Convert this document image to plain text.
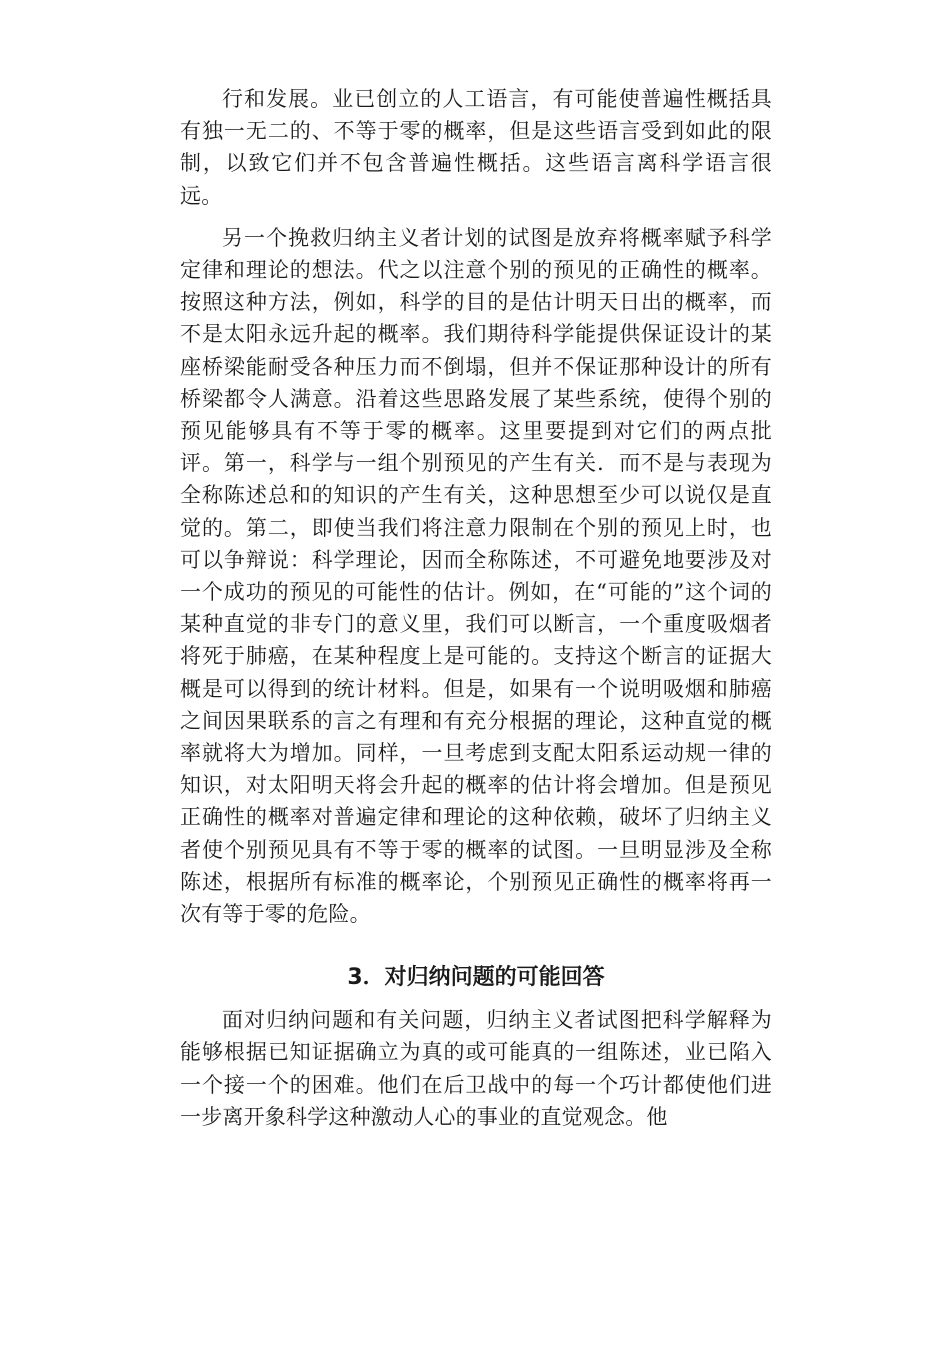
行和发展。业已创立的人工语言，有可能使普遍性概括具有独一无二的、不等于零的概率，但是这些语言受到如此的限制，以致它们并不包含普遍性概括。这些语言离科学语言很远。

另一个挽救归纳主义者计划的试图是放弃将概率赋予科学定律和理论的想法。代之以注意个别的预见的正确性的概率。按照这种方法，例如，科学的目的是估计明天日出的概率，而不是太阳永远升起的概率。我们期待科学能提供保证设计的某座桥梁能耐受各种压力而不倒塌，但并不保证那种设计的所有桥梁都令人满意。沿着这些思路发展了某些系统，使得个别的预见能够具有不等于零的概率。这里要提到对它们的两点批评。第一，科学与一组个别预见的产生有关．而不是与表现为全称陈述总和的知识的产生有关，这种思想至少可以说仅是直觉的。第二，即使当我们将注意力限制在个别的预见上时，也可以争辩说：科学理论，因而全称陈述，不可避免地要涉及对一个成功的预见的可能性的估计。例如，在“可能的”这个词的某种直觉的非专门的意义里，我们可以断言，一个重度吸烟者将死于肺癌，在某种程度上是可能的。支持这个断言的证据大概是可以得到的统计材料。但是，如果有一个说明吸烟和肺癌之间因果联系的言之有理和有充分根据的理论，这种直觉的概率就将大为增加。同样，一旦考虑到支配太阳系运动规一律的知识，对太阳明天将会升起的概率的估计将会增加。但是预见正确性的概率对普遍定律和理论的这种依赖，破坏了归纳主义者使个别预见具有不等于零的概率的试图。一旦明显涉及全称陈述，根据所有标准的概率论，个别预见正确性的概率将再一次有等于零的危险。

3．对归纳问题的可能回答

面对归纳问题和有关问题，归纳主义者试图把科学解释为能够根据已知证据确立为真的或可能真的一组陈述，业已陷入一个接一个的困难。他们在后卫战中的每一个巧计都使他们进一步离开象科学这种激动人心的事业的直觉观念。他
